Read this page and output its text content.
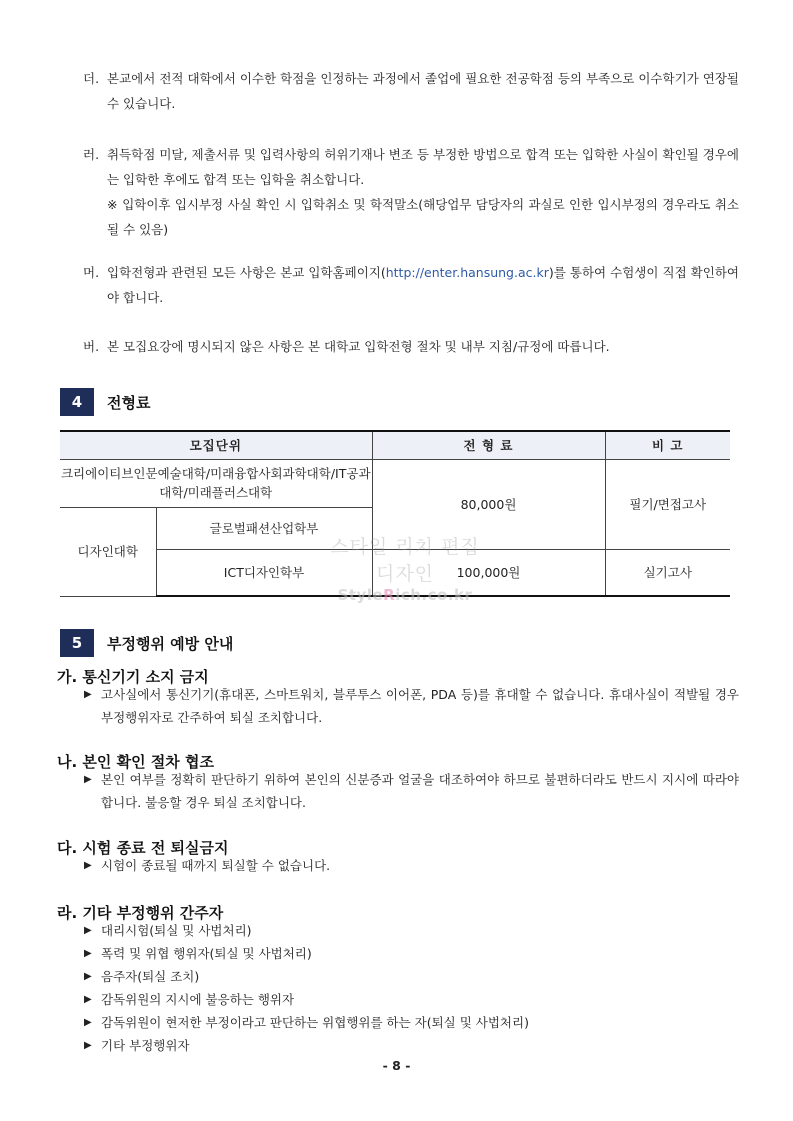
더. 본교에서 전적 대학에서 이수한 학점을 인정하는 과정에서 졸업에 필요한 전공학점 등의 부족으로 이수학기가 연장될 수 있습니다.
러. 취득학점 미달, 제출서류 및 입력사항의 허위기재나 변조 등 부정한 방법으로 합격 또는 입학한 사실이 확인될 경우에는 입학한 후에도 합격 또는 입학을 취소합니다.
※ 입학이후 입시부정 사실 확인 시 입학취소 및 학적말소(해당업무 담당자의 과실로 인한 입시부정의 경우라도 취소될 수 있음)
머. 입학전형과 관련된 모든 사항은 본교 입학홈페이지(http://enter.hansung.ac.kr)를 통하여 수험생이 직접 확인하여야 합니다.
버. 본 모집요강에 명시되지 않은 사항은 본 대학교 입학전형 절차 및 내부 지침/규정에 따릅니다.
4	전형료
모집단위		전 형 료	비 고
크리에이티브인문예술대학/미래융합사회과학대학/IT공과대학/미래플러스대학		80,000원	필기/면접고사
디자인대학	글로벌패션산업학부		
	ICT디자인학부	100,000원	실기고사
스타일 리치 편집 디자인
StyleRich.co.kr
5	부정행위 예방 안내
가. 통신기기 소지 금지
▶ 고사실에서 통신기기(휴대폰, 스마트워치, 블루투스 이어폰, PDA 등)를 휴대할 수 없습니다. 휴대사실이 적발될 경우 부정행위자로 간주하여 퇴실 조치합니다.
나. 본인 확인 절차 협조
▶ 본인 여부를 정확히 판단하기 위하여 본인의 신분증과 얼굴을 대조하여야 하므로 불편하더라도 반드시 지시에 따라야 합니다. 불응할 경우 퇴실 조치합니다.
다. 시험 종료 전 퇴실금지
▶ 시험이 종료될 때까지 퇴실할 수 없습니다.
라. 기타 부정행위 간주자
▶ 대리시험(퇴실 및 사법처리)
▶ 폭력 및 위협 행위자(퇴실 및 사법처리)
▶ 음주자(퇴실 조치)
▶ 감독위원의 지시에 불응하는 행위자
▶ 감독위원이 현저한 부정이라고 판단하는 위협행위를 하는 자(퇴실 및 사법처리)
▶ 기타 부정행위자
- 8 -
